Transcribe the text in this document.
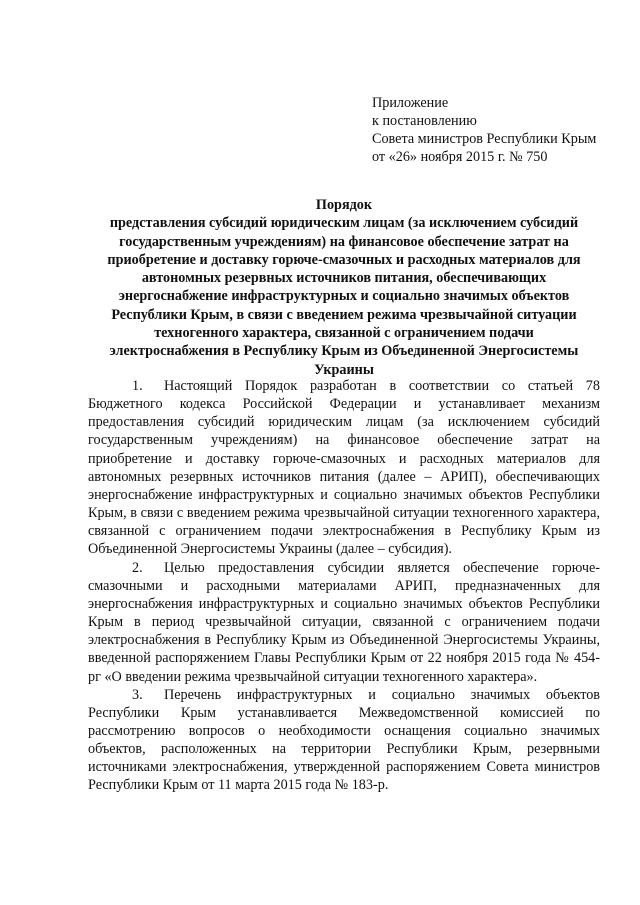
Приложение
к постановлению
Совета министров Республики Крым
от «26» ноября 2015 г. № 750
Порядок
представления субсидий юридическим лицам (за исключением субсидий государственным учреждениям) на финансовое обеспечение затрат на приобретение и доставку горюче-смазочных и расходных материалов для автономных резервных источников питания, обеспечивающих энергоснабжение инфраструктурных и социально значимых объектов Республики Крым, в связи с введением режима чрезвычайной ситуации техногенного характера, связанной с ограничением подачи электроснабжения в Республику Крым из Объединенной Энергосистемы Украины

1. Настоящий Порядок разработан в соответствии со статьей 78 Бюджетного кодекса Российской Федерации и устанавливает механизм предоставления субсидий юридическим лицам (за исключением субсидий государственным учреждениям) на финансовое обеспечение затрат на приобретение и доставку горюче-смазочных и расходных материалов для автономных резервных источников питания (далее – АРИП), обеспечивающих энергоснабжение инфраструктурных и социально значимых объектов Республики Крым, в связи с введением режима чрезвычайной ситуации техногенного характера, связанной с ограничением подачи электроснабжения в Республику Крым из Объединенной Энергосистемы Украины (далее – субсидия).

2. Целью предоставления субсидии является обеспечение горюче-смазочными и расходными материалами АРИП, предназначенных для энергоснабжения инфраструктурных и социально значимых объектов Республики Крым в период чрезвычайной ситуации, связанной с ограничением подачи электроснабжения в Республику Крым из Объединенной Энергосистемы Украины, введенной распоряжением Главы Республики Крым от 22 ноября 2015 года № 454-рг «О введении режима чрезвычайной ситуации техногенного характера».

3. Перечень инфраструктурных и социально значимых объектов Республики Крым устанавливается Межведомственной комиссией по рассмотрению вопросов о необходимости оснащения социально значимых объектов, расположенных на территории Республики Крым, резервными источниками электроснабжения, утвержденной распоряжением Совета министров Республики Крым от 11 марта 2015 года № 183-р.
